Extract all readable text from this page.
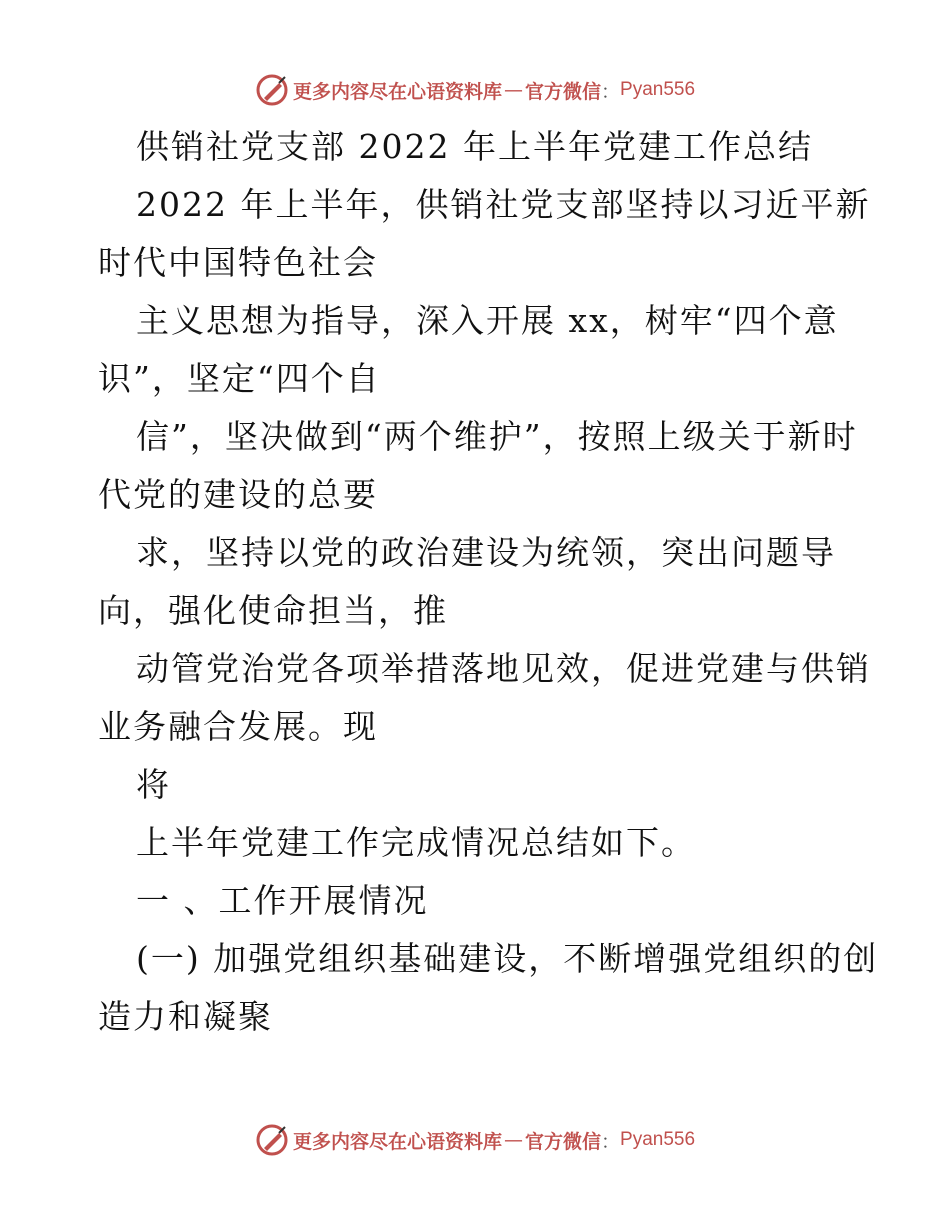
更多内容尽在心语资料库 — 官方微信 ： Pyan556
供销社党支部 2022 年上半年党建工作总结
2022 年上半年，供销社党支部坚持以习近平新
时代中国特色社会
主义思想为指导，深入开展 xx，树牢“四个意
识”，坚定“四个自
信”，坚决做到“两个维护”，按照上级关于新时
代党的建设的总要
求，坚持以党的政治建设为统领，突出问题导
向，强化使命担当，推
动管党治党各项举措落地见效，促进党建与供销
业务融合发展。现
将
上半年党建工作完成情况总结如下。
一 、工作开展情况
(一) 加强党组织基础建设，不断增强党组织的创
造力和凝聚
更多内容尽在心语资料库 — 官方微信 ： Pyan556
